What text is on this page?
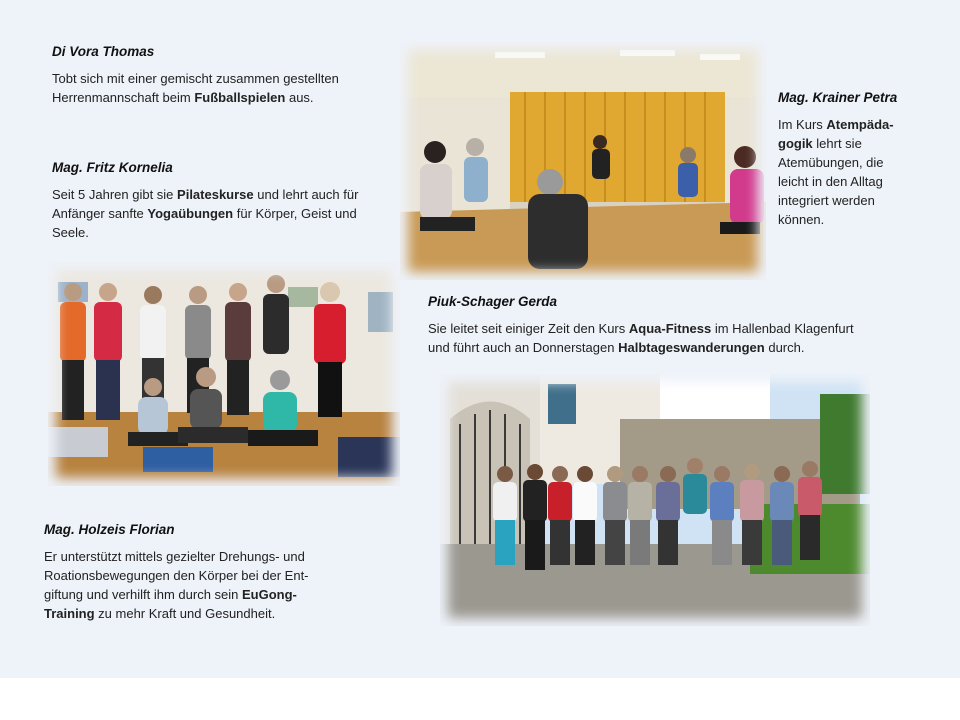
Di Vora Thomas

Tobt sich mit einer gemischt zusammen gestellten Herrenmannschaft beim Fußballspielen aus.

Mag. Fritz Kornelia

Seit 5 Jahren gibt sie Pilateskurse und lehrt auch für Anfänger sanfte Yogaübungen für Körper, Geist und Seele.

Mag. Krainer Petra

Im Kurs Atempäda-gogik lehrt sie Atemübungen, die leicht in den Alltag integriert werden können.

Piuk-Schager Gerda

Sie leitet seit einiger Zeit den Kurs Aqua-Fitness im Hallenbad Klagenfurt und führt auch an Donnerstagen Halbtageswanderungen durch.

Mag. Holzeis Florian

Er unterstützt mittels gezielter Drehungs- und Roationsbewegungen den Körper bei der Ent-giftung und verhilft ihm durch sein EuGong-Training zu mehr Kraft und Gesundheit.
